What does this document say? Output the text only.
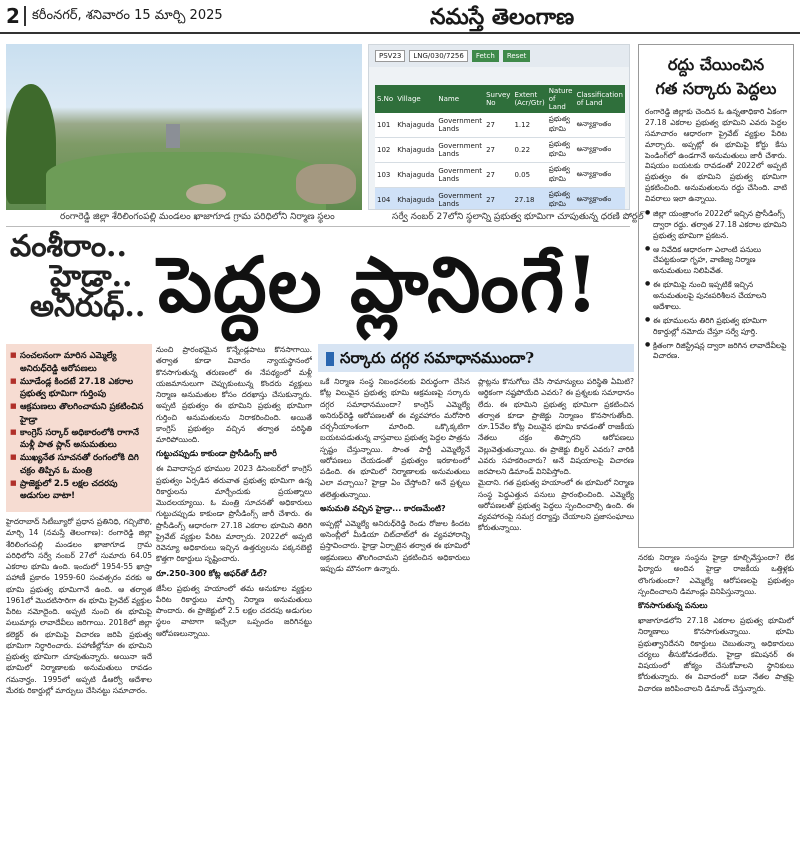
2 కరీంనగర్, శనివారం 15 మార్చి 2025	నమస్తే తెలంగాణ
రంగారెడ్డి జిల్లా శేరిలింగంపల్లి మండలం ఖాజాగూడ గ్రామ పరిధిలోని నిర్మాణ స్థలం
PSV23	LNG/030/7256	Fetch	Reset
S.No	Village	Name	Survey No	Extent (Acr/Gtr)	Nature of Land	Classification of Land
101	Khajaguda	Government Lands	27	1.12	ప్రభుత్వ భూమి	అన్యాక్రాంతం
102	Khajaguda	Government Lands	27	0.22	ప్రభుత్వ భూమి	అన్యాక్రాంతం
103	Khajaguda	Government Lands	27	0.05	ప్రభుత్వ భూమి	అన్యాక్రాంతం
104	Khajaguda	Government Lands	27	27.18	ప్రభుత్వ భూమి	అన్యాక్రాంతం

సర్వే నంబర్ 27లోని స్థలాన్ని ప్రభుత్వ భూమిగా చూపుతున్న ధరణి పోర్టల్
వంశీరాం..
హైడ్రా..
అనిరుధ్.. పెద్దల ప్లానింగే!
రద్దు చేయించిన
గత సర్కారు పెద్దలు

రంగారెడ్డి జిల్లాకు చెందిన ఓ ఉన్నతాధికారి ఏకంగా 27.18 ఎకరాల ప్రభుత్వ భూమిని ఎవరు పెద్దల సమాచారం ఆధారంగా ప్రైవేట్ వ్యక్తుల పేరిట మార్చారు. అప్పట్లో ఈ భూమిపై కోర్టు కేసు పెండింగ్‌లో ఉండగానే అనుమతులు జారీ చేశారు. విషయం బయటకు రావడంతో 2022లో అప్పటి ప్రభుత్వం ఈ భూమిని ప్రభుత్వ భూమిగా ప్రకటించింది. అనుమతులను రద్దు చేసింది. వాటి వివరాలు ఇలా ఉన్నాయి.

● జిల్లా యంత్రాంగం 2022లో ఇచ్చిన ప్రొసీడింగ్స్ ద్వారా రద్దు. తర్వాత 27.18 ఎకరాల భూమిని ప్రభుత్వ భూమిగా ప్రకటన.
● ఆ నివేదిక ఆధారంగా ఎలాంటి పనులు చేపట్టకుండా గృహ, వాణిజ్య నిర్మాణ అనుమతులు నిలిపివేత.
● ఈ భూమిపై నుంచి ఇప్పటికే ఇచ్చిన అనుమతులపై పునఃపరిశీలన చేయాలని ఆదేశాలు.
● ఈ భూములను తిరిగి ప్రభుత్వ భూమిగా రికార్డుల్లో నమోదు చేస్తూ సర్వే పూర్తి.
● క్రితంగా రిజిస్ట్రేషన్ల ద్వారా జరిగిన లావాదేవీలపై విచారణ.
■ సంచలనంగా మారిన ఎమ్మెల్యే అనిరుధ్‌రెడ్డి ఆరోపణలు
■ మూడేండ్ల కిందటే 27.18 ఎకరాల ప్రభుత్వ భూమిగా గుర్తింపు
■ ఆక్రమణలు తొలగించామని ప్రకటించిన హైడ్రా
■ కాంగ్రెస్ సర్కార్ అధికారంలోకి రాగానే మళ్లీ పాత ప్లాన్ అనుమతులు
■ ముఖ్యనేత సూచనతో రంగంలోకి దిగి చక్రం తిప్పిన ఓ మంత్రి
■ ప్రాజెక్టులో 2.5 లక్షల చదరపు అడుగుల వాటా!

హైదరాబాద్ సిటీబ్యూరో ప్రధాన ప్రతినిధి, గచ్చిబౌలి, మార్చి 14 (నమస్తే తెలంగాణ): రంగారెడ్డి జిల్లా శేరిలింగంపల్లి మండలం ఖాజాగూడ గ్రామ పరిధిలోని సర్వే నంబర్ 27లో సుమారు 64.05 ఎకరాల భూమి ఉంది. ఇందులో 1954-55 ఖాస్రా పహాణీ ప్రకారం 1959-60 సంవత్సరం వరకు ఆ భూమి ప్రభుత్వ భూమిగానే ఉంది. ఆ తర్వాత 1961లో మొదటిసారిగా ఈ భూమి ప్రైవేట్ వ్యక్తుల పేరిట నమోదైంది. అప్పటి నుంచి ఈ భూమిపై పలుమార్లు లావాదేవీలు జరిగాయి. 2018లో జిల్లా కలెక్టర్ ఈ భూమిపై విచారణ జరిపి ప్రభుత్వ భూమిగా నిర్ధారించారు. పహాణీల్లోనూ ఈ భూమిని ప్రభుత్వ భూమిగా చూపుతున్నారు. అయినా ఇదే భూమిలో నిర్మాణాలకు అనుమతులు రావడం గమనార్హం. 1995లో అప్పటి డీఆర్వో ఆదేశాల మేరకు రికార్డుల్లో మార్పులు చేసినట్టు సమాచారం.

నుంచి ప్రారంభమైన కొన్నేండ్లపాటు కొనసాగాయి. తర్వాత కూడా వివాదం న్యాయస్థానంలో కొనసాగుతున్న తరుణంలో ఈ నేపథ్యంలో మళ్లీ యజమానులుగా చెప్పుకుంటున్న కొందరు వ్యక్తులు నిర్మాణ అనుమతుల కోసం దరఖాస్తు చేసుకున్నారు. అప్పటి ప్రభుత్వం ఈ భూమిని ప్రభుత్వ భూమిగా గుర్తించి అనుమతులను నిరాకరించింది. అయితే కాంగ్రెస్ ప్రభుత్వం వచ్చిన తర్వాత పరిస్థితి మారిపోయింది.

గుట్టుచప్పుడు కాకుండా ప్రొసీడింగ్స్ జారీ

ఈ వివాదాస్పద భూముల 2023 డిసెంబర్‌లో కాంగ్రెస్ ప్రభుత్వం ఏర్పడిన తరువాత ప్రభుత్వ భూమిగా ఉన్న రికార్డులను మార్చేందుకు ప్రయత్నాలు మొదలయ్యాయి. ఓ మంత్రి సూచనతో అధికారులు గుట్టుచప్పుడు కాకుండా ప్రొసీడింగ్స్ జారీ చేశారు. ఈ ప్రొసీడింగ్స్ ఆధారంగా 27.18 ఎకరాల భూమిని తిరిగి ప్రైవేట్ వ్యక్తుల పేరిట మార్చారు. 2022లో అప్పటి రెవెన్యూ అధికారులు ఇచ్చిన ఉత్తర్వులను పక్కనబెట్టి కొత్తగా రికార్డులు సృష్టించారు.

రూ.250-300 కోట్ల ఆఫర్‌తో డీల్?

జేసీల ప్రభుత్వ హయాంలో తమ అనుకూల వ్యక్తుల పేరిట రికార్డులు మార్చి నిర్మాణ అనుమతులు పొందారు. ఈ ప్రాజెక్టులో 2.5 లక్షల చదరపు అడుగుల స్థలం వాటాగా ఇచ్చేలా ఒప్పందం జరిగినట్టు ఆరోపణలున్నాయి.

సర్కారు దగ్గర సమాధానముందా?

ఒకే నిర్మాణ సంస్థ నిబంధనలకు విరుద్ధంగా చేసిన కోట్ల విలువైన ప్రభుత్వ భూమి ఆక్రమణపై సర్కారు దగ్గర సమాధానముందా? కాంగ్రెస్ ఎమ్మెల్యే అనిరుధ్‌రెడ్డి ఆరోపణలతో ఈ వ్యవహారం మరోసారి చర్చనీయాంశంగా మారింది. ఒక్కొక్కటిగా బయటపడుతున్న వాస్తవాలు ప్రభుత్వ పెద్దల పాత్రను స్పష్టం చేస్తున్నాయి. సొంత పార్టీ ఎమ్మెల్యేనే ఆరోపణలు చేయడంతో ప్రభుత్వం ఇరకాటంలో పడింది. ఈ భూమిలో నిర్మాణాలకు అనుమతులు ఎలా వచ్చాయి? హైడ్రా ఏం చేస్తోంది? అనే ప్రశ్నలు తలెత్తుతున్నాయి.

అనుమతి వచ్చిన హైడ్రా... కారణమేంటి?

అప్పట్లో ఎమ్మెల్యే అనిరుధ్‌రెడ్డి రెండు రోజుల కిందట అసెంబ్లీలో మీడియా చిట్‌చాట్‌లో ఈ వ్యవహారాన్ని ప్రస్తావించారు. హైడ్రా ఏర్పాటైన తర్వాత ఈ భూమిలో ఆక్రమణలు తొలగించామని ప్రకటించిన అధికారులు ఇప్పుడు మౌనంగా ఉన్నారు.

ప్లాట్లను కొనుగోలు చేసి సామాన్యులు పరిస్థితి ఏమిటి? ఆర్థికంగా నష్టపోయేది ఎవరు? ఈ ప్రశ్నలకు సమాధానం లేదు. ఈ భూమిని ప్రభుత్వ భూమిగా ప్రకటించిన తర్వాత కూడా ప్రాజెక్టు నిర్మాణం కొనసాగుతోంది. రూ.15వేల కోట్ల విలువైన భూమి కావడంతో రాజకీయ నేతలు చక్రం తిప్పారని ఆరోపణలు వెల్లువెత్తుతున్నాయి. ఈ ప్రాజెక్టు బిల్డర్ ఎవరు? వారికి ఎవరు సహకరించారు? అనే విషయాలపై విచారణ జరపాలని డిమాండ్ వినిపిస్తోంది.

మైదాని. గత ప్రభుత్వ హయాంలో ఈ భూమిలో నిర్మాణ సంస్థ పెద్దఎత్తున పనులు ప్రారంభించింది. ఎమ్మెల్యే ఆరోపణలతో ప్రభుత్వ పెద్దలు స్పందించాల్సి ఉంది. ఈ వ్యవహారంపై సమగ్ర దర్యాప్తు చేయాలని ప్రజాసంఘాలు కోరుతున్నాయి.

నరకు నిర్మాణ సంస్థను హైడ్రా కూల్చివేస్తుందా? లేక ఫిర్యాదు అందిన హైడ్రా రాజకీయ ఒత్తిళ్లకు లొంగుతుందా? ఎమ్మెల్యే ఆరోపణలపై ప్రభుత్వం స్పందించాలని డిమాండ్లు వినిపిస్తున్నాయి.

కొనసాగుతున్న పనులు

ఖాజాగూడలోని 27.18 ఎకరాల ప్రభుత్వ భూమిలో నిర్మాణాలు కొనసాగుతున్నాయి. భూమి ప్రభుత్వానిదేనని రికార్డులు చెబుతున్నా అధికారులు చర్యలు తీసుకోవడంలేదు. హైడ్రా కమిషనర్ ఈ విషయంలో జోక్యం చేసుకోవాలని స్థానికులు కోరుతున్నారు. ఈ వివాదంలో బడా నేతల పాత్రపై విచారణ జరిపించాలని డిమాండ్ చేస్తున్నారు.
